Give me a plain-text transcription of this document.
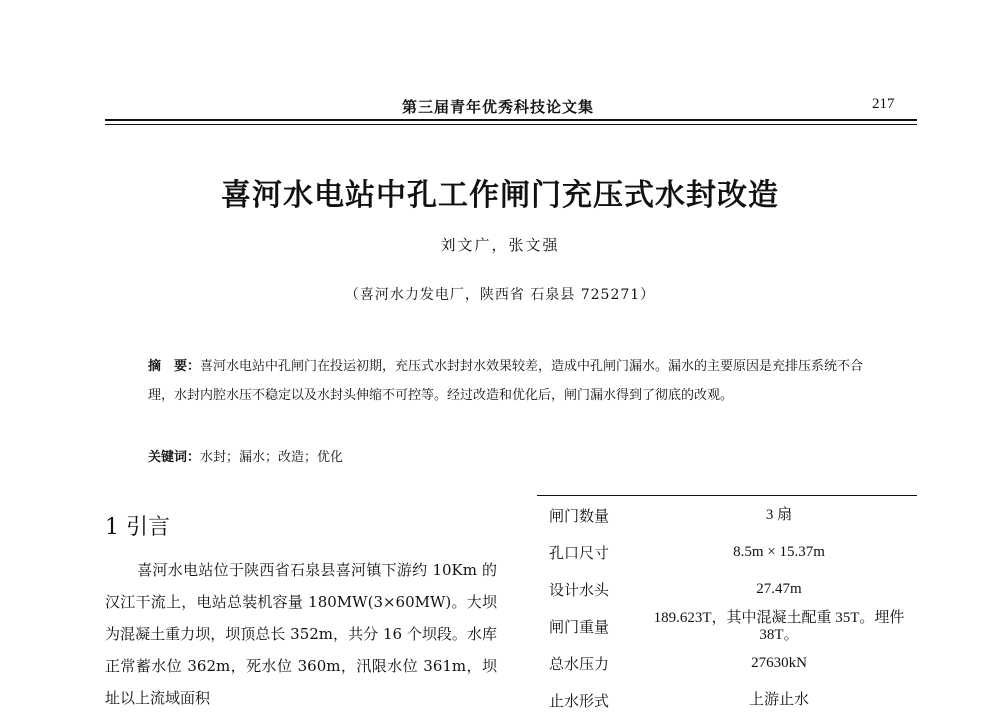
第三届青年优秀科技论文集	217
喜河水电站中孔工作闸门充压式水封改造
刘文广，张文强
（喜河水力发电厂，陕西省 石泉县 725271）
摘　要：喜河水电站中孔闸门在投运初期，充压式水封封水效果较差，造成中孔闸门漏水。漏水的主要原因是充排压系统不合理，水封内腔水压不稳定以及水封头伸缩不可控等。经过改造和优化后，闸门漏水得到了彻底的改观。
关键词：水封；漏水；改造；优化
1 引言
喜河水电站位于陕西省石泉县喜河镇下游约 10Km 的汉江干流上，电站总装机容量 180MW(3×60MW)。大坝为混凝土重力坝，坝顶总长 352m，共分 16 个坝段。水库正常蓄水位 362m，死水位 360m，汛限水位 361m，坝址以上流域面积
闸门数量	3 扇
孔口尺寸	8.5m × 15.37m
设计水头	27.47m
闸门重量	189.623T，其中混凝土配重 35T。埋件 38T。
总水压力	27630kN
止水形式	上游止水
